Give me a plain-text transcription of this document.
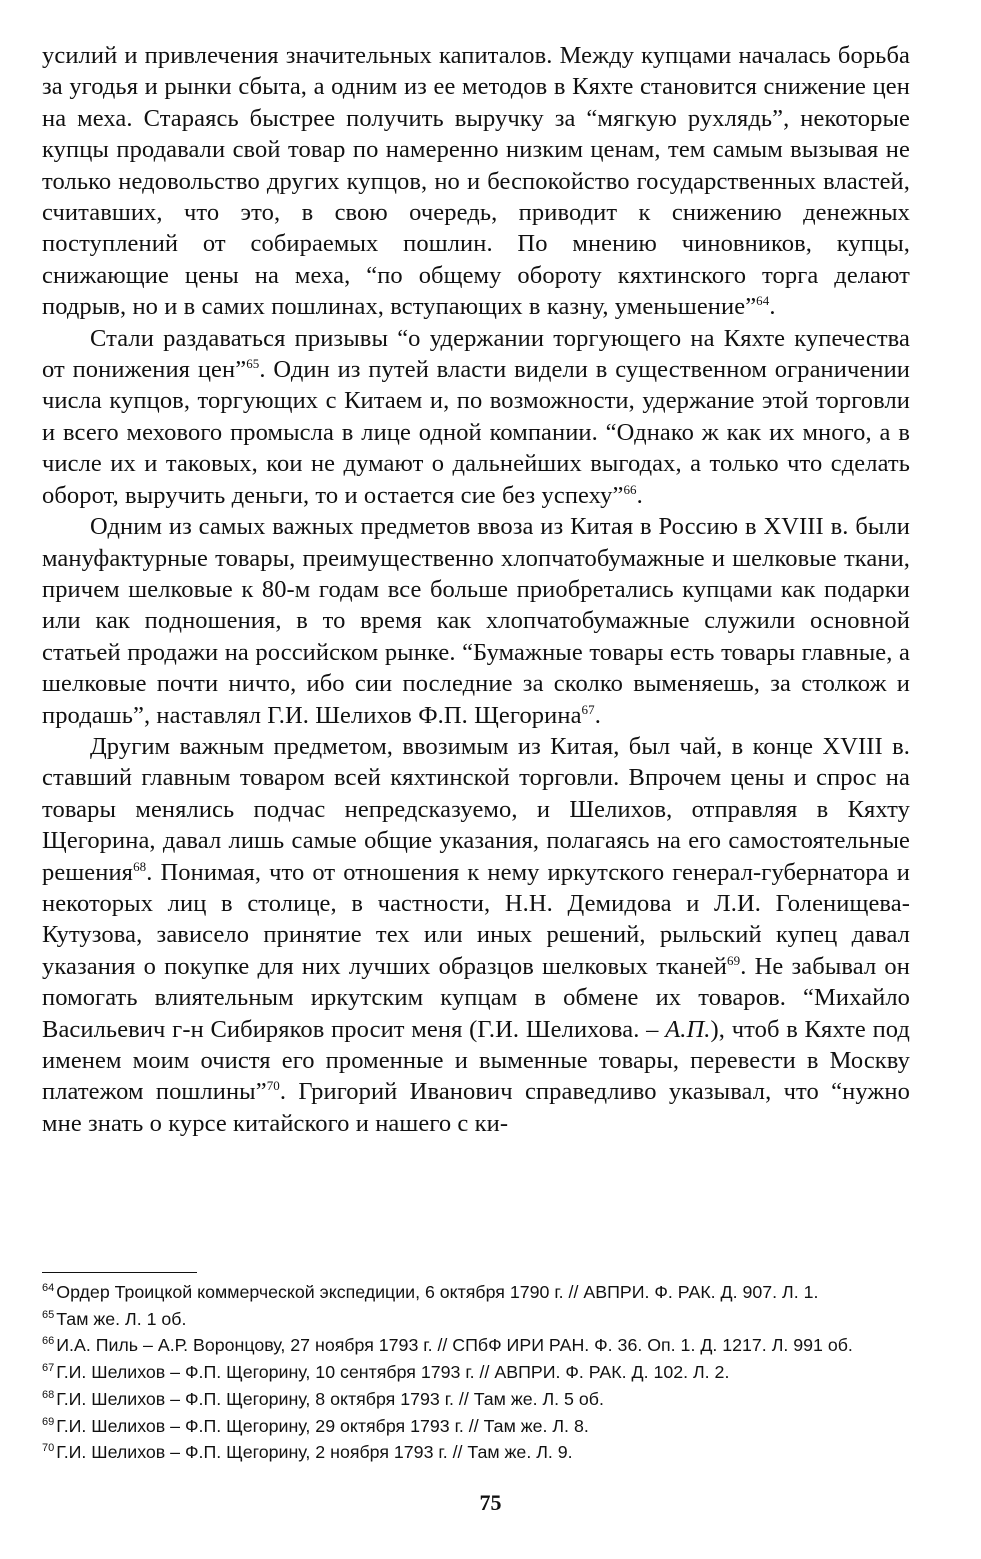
усилий и привлечения значительных капиталов. Между купцами началась борьба за угодья и рынки сбыта, а одним из ее методов в Кяхте становится снижение цен на меха. Стараясь быстрее получить выручку за “мягкую рухлядь”, некоторые купцы продавали свой товар по намеренно низким ценам, тем самым вызывая не только недовольство других купцов, но и беспокойство государственных властей, считавших, что это, в свою очередь, приводит к снижению денежных поступлений от собираемых пошлин. По мнению чиновников, купцы, снижающие цены на меха, “по общему обороту кяхтинского торга делают подрыв, но и в самих пошлинах, вступающих в казну, уменьшение”$^{64}$.

Стали раздаваться призывы “о удержании торгующего на Кяхте купечества от понижения цен”$^{65}$. Один из путей власти видели в существенном ограничении числа купцов, торгующих с Китаем и, по возможности, удержание этой торговли и всего мехового промысла в лице одной компании. “Однако ж как их много, а в числе их и таковых, кои не думают о дальнейших выгодах, а только что сделать оборот, выручить деньги, то и остается сие без успеху”$^{66}$.

Одним из самых важных предметов ввоза из Китая в Россию в XVIII в. были мануфактурные товары, преимущественно хлопчатобумажные и шелковые ткани, причем шелковые к 80-м годам все больше приобретались купцами как подарки или как подношения, в то время как хлопчатобумажные служили основной статьей продажи на российском рынке. “Бумажные товары есть товары главные, а шелковые почти ничто, ибо сии последние за сколко выменяешь, за столкож и продашь”, наставлял Г.И. Шелихов Ф.П. Щегорина$^{67}$.

Другим важным предметом, ввозимым из Китая, был чай, в конце XVIII в. ставший главным товаром всей кяхтинской торговли. Впрочем цены и спрос на товары менялись подчас непредсказуемо, и Шелихов, отправляя в Кяхту Щегорина, давал лишь самые общие указания, полагаясь на его самостоятельные решения$^{68}$. Понимая, что от отношения к нему иркутского генерал-губернатора и некоторых лиц в столице, в частности, Н.Н. Демидова и Л.И. Голенищева-Кутузова, зависело принятие тех или иных решений, рыльский купец давал указания о покупке для них лучших образцов шелковых тканей$^{69}$. Не забывал он помогать влиятельным иркутским купцам в обмене их товаров. “Михайло Васильевич г-н Сибиряков просит меня (Г.И. Шелихова. – А.П.), чтоб в Кяхте под именем моим очистя его променные и выменные товары, перевести в Москву платежом пошлины”$^{70}$. Григорий Иванович справедливо указывал, что “нужно мне знать о курсе китайского и нашего с ки-

$^{64}$ Ордер Троицкой коммерческой экспедиции, 6 октября 1790 г. // АВПРИ. Ф. РАК. Д. 907. Л. 1.

$^{65}$ Там же. Л. 1 об.

$^{66}$ И.А. Пиль – А.Р. Воронцову, 27 ноября 1793 г. // СПбФ ИРИ РАН. Ф. 36. Оп. 1. Д. 1217. Л. 991 об.

$^{67}$ Г.И. Шелихов – Ф.П. Щегорину, 10 сентября 1793 г. // АВПРИ. Ф. РАК. Д. 102. Л. 2.

$^{68}$ Г.И. Шелихов – Ф.П. Щегорину, 8 октября 1793 г. // Там же. Л. 5 об.

$^{69}$ Г.И. Шелихов – Ф.П. Щегорину, 29 октября 1793 г. // Там же. Л. 8.

$^{70}$ Г.И. Шелихов – Ф.П. Щегорину, 2 ноября 1793 г. // Там же. Л. 9.

75
